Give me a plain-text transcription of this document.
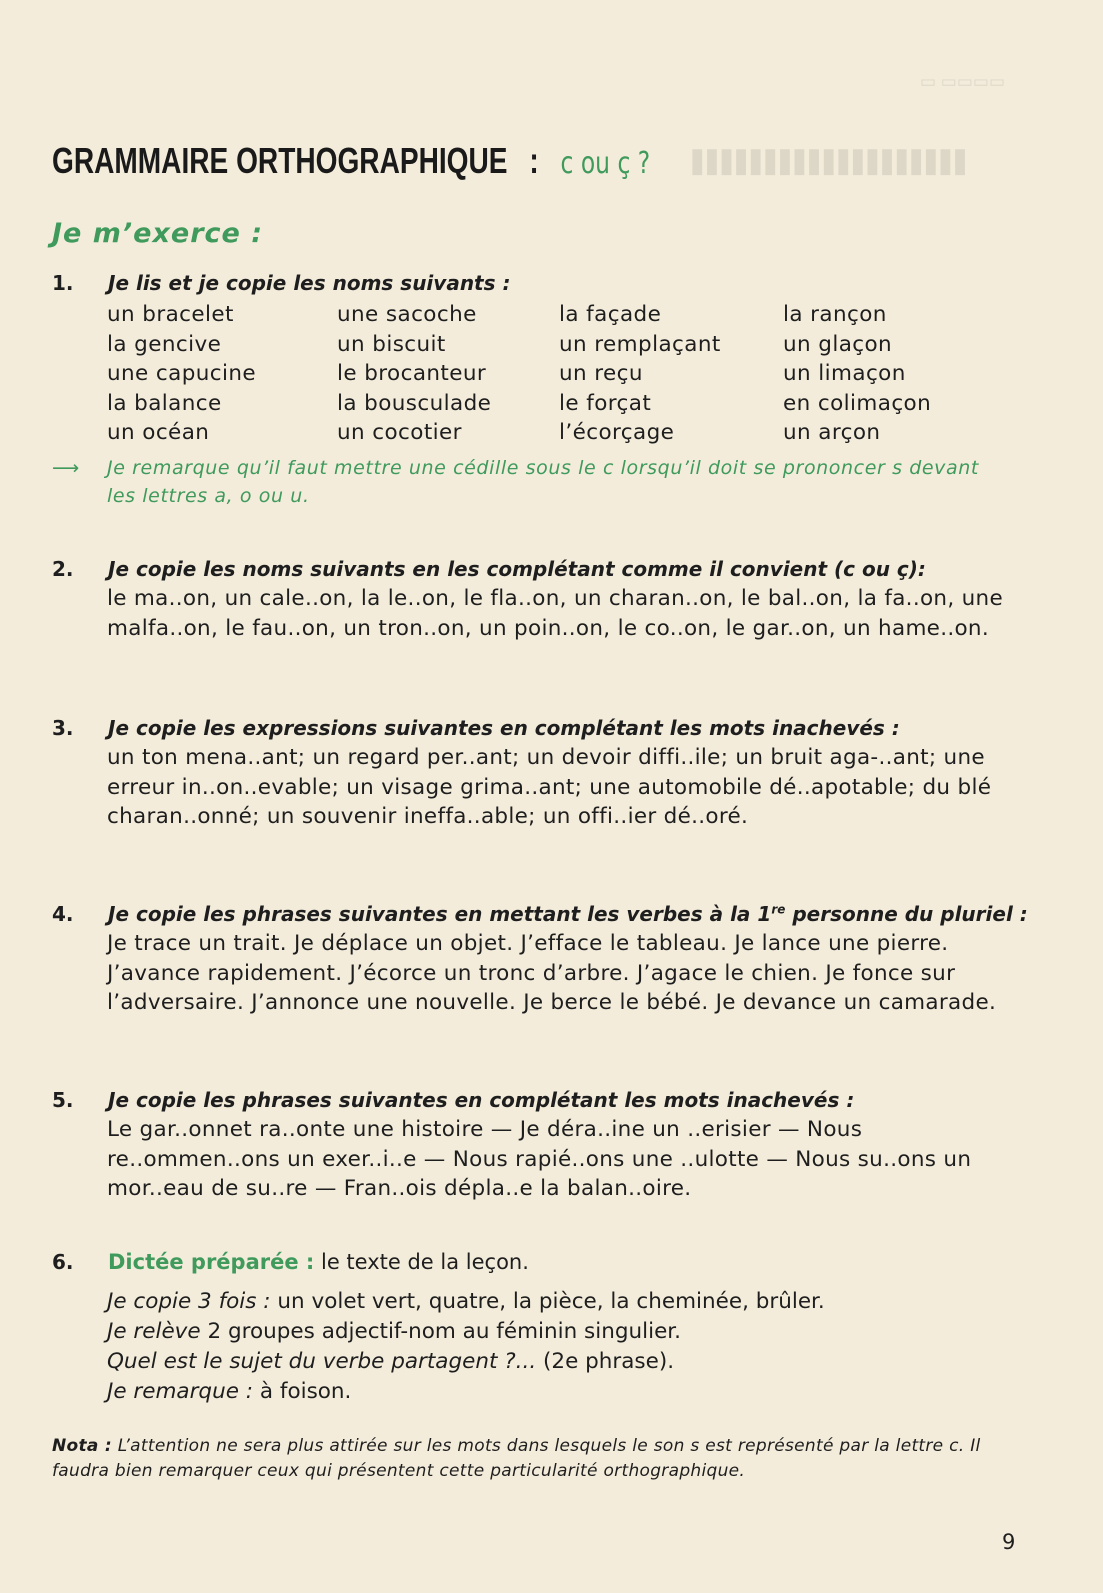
▭ ▭▭▭▭
▮▮▮▮▮▮▮▮▮▮▮▮▮▮▮▮▮▮▮
GRAMMAIRE ORTHOGRAPHIQUE : c ou ç ?
Je m’exerce :
1. Je lis et je copie les noms suivants :
un bracelet
la gencive
une capucine
la balance
un océan
une sacoche
un biscuit
le brocanteur
la bousculade
un cocotier
la façade
un remplaçant
un reçu
le forçat
l’écorçage
la rançon
un glaçon
un limaçon
en colimaçon
un arçon
⟶ Je remarque qu’il faut mettre une cédille sous le c lorsqu’il doit se prononcer s devant les lettres a, o ou u.
2. Je copie les noms suivants en les complétant comme il convient (c ou ç):
le ma..on, un cale..on, la le..on, le fla..on, un charan..on, le bal..on, la fa..on, une malfa..on, le fau..on, un tron..on, un poin..on, le co..on, le gar..on, un hame..on.
3. Je copie les expressions suivantes en complétant les mots inachevés :
un ton mena..ant; un regard per..ant; un devoir diffi..ile; un bruit aga-..ant; une erreur in..on..evable; un visage grima..ant; une automobile dé..apotable; du blé charan..onné; un souvenir ineffa..able; un offi..ier dé..oré.
4. Je copie les phrases suivantes en mettant les verbes à la 1re personne du pluriel :
Je trace un trait. Je déplace un objet. J’efface le tableau. Je lance une pierre. J’avance rapidement. J’écorce un tronc d’arbre. J’agace le chien. Je fonce sur l’adversaire. J’annonce une nouvelle. Je berce le bébé. Je devance un camarade.
5. Je copie les phrases suivantes en complétant les mots inachevés :
Le gar..onnet ra..onte une histoire — Je déra..ine un ..erisier — Nous re..ommen..ons un exer..i..e — Nous rapié..ons une ..ulotte — Nous su..ons un mor..eau de su..re — Fran..ois dépla..e la balan..oire.
6. Dictée préparée : le texte de la leçon.
Je copie 3 fois : un volet vert, quatre, la pièce, la cheminée, brûler.
Je relève 2 groupes adjectif-nom au féminin singulier.
Quel est le sujet du verbe partagent ?... (2e phrase).
Je remarque : à foison.
Nota : L’attention ne sera plus attirée sur les mots dans lesquels le son s est représenté par la lettre c. Il faudra bien remarquer ceux qui présentent cette particularité orthographique.
9
